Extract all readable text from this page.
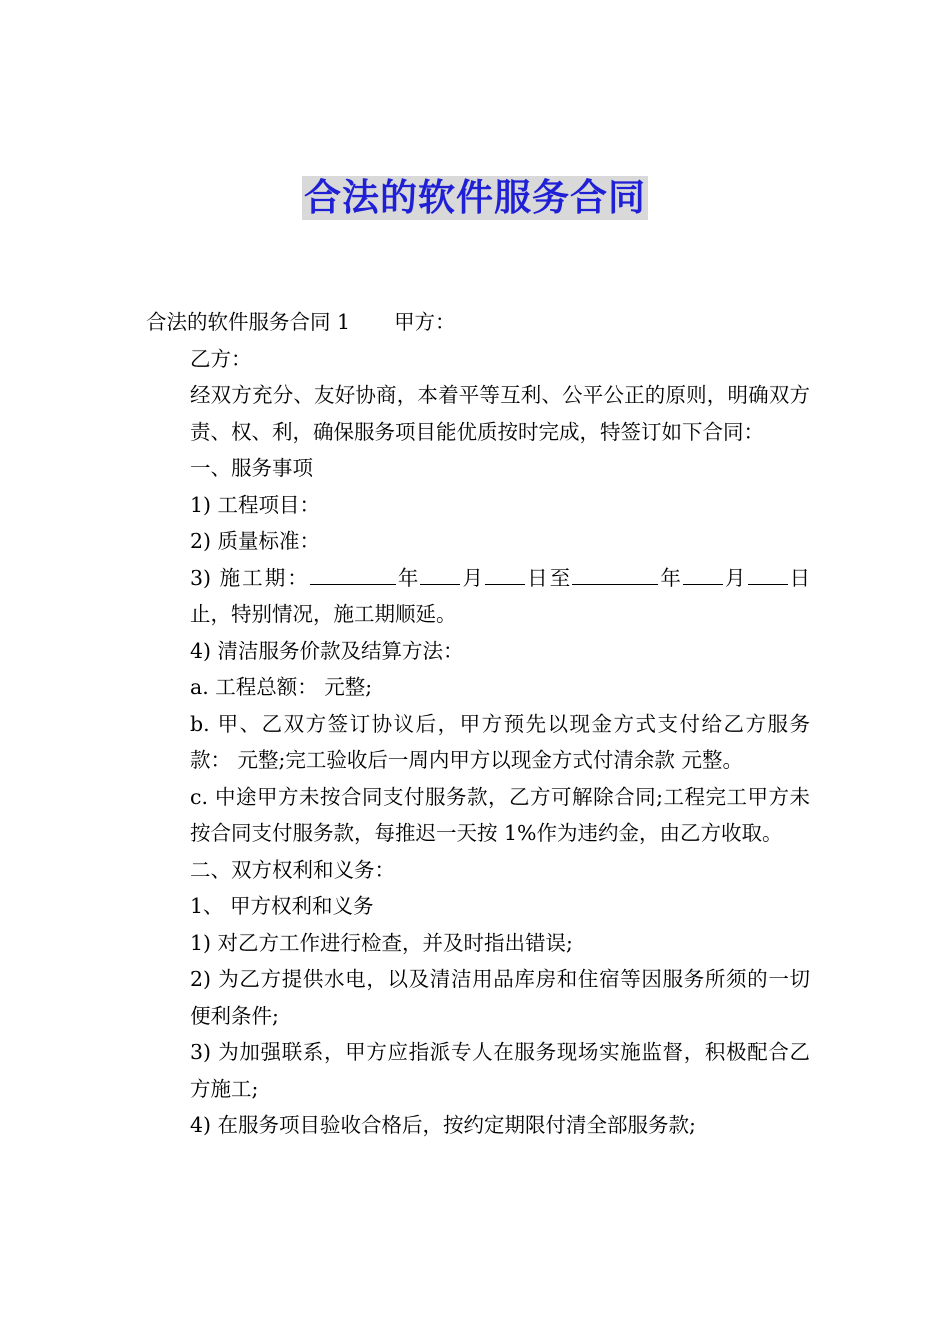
合法的软件服务合同

合法的软件服务合同 1 甲方：

乙方：

经双方充分、友好协商，本着平等互利、公平公正的原则，明确双方责、权、利，确保服务项目能优质按时完成，特签订如下合同：

一、服务事项

1) 工程项目：

2) 质量标准：

3) 施工期：	年 月 日至	年 月 日止，特别情况，施工期顺延。

4) 清洁服务价款及结算方法：

a. 工程总额： 元整;

b. 甲、乙双方签订协议后，甲方预先以现金方式支付给乙方服务款： 元整;完工验收后一周内甲方以现金方式付清余款 元整。

c. 中途甲方未按合同支付服务款，乙方可解除合同;工程完工甲方未按合同支付服务款，每推迟一天按 1%作为违约金，由乙方收取。

二、双方权利和义务：

1、 甲方权利和义务

1) 对乙方工作进行检查，并及时指出错误;

2) 为乙方提供水电，以及清洁用品库房和住宿等因服务所须的一切便利条件;

3) 为加强联系，甲方应指派专人在服务现场实施监督，积极配合乙方施工;

4) 在服务项目验收合格后，按约定期限付清全部服务款;
